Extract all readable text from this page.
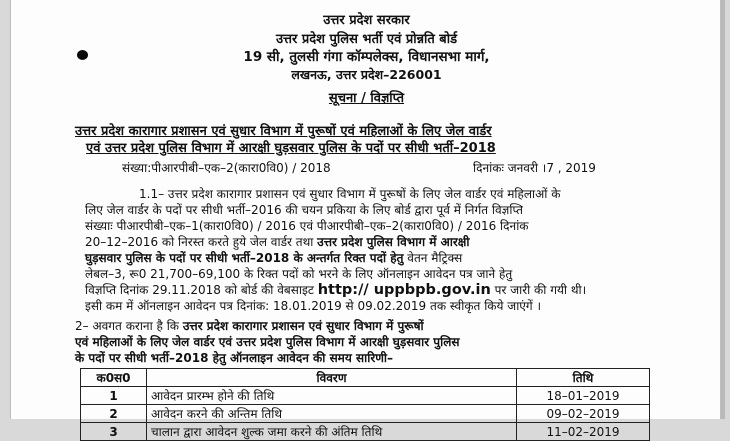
उत्तर प्रदेश सरकार
उत्तर प्रदेश पुलिस भर्ती एवं प्रोन्नति बोर्ड
19 सी, तुलसी गंगा कॉम्पलेक्स, विधानसभा मार्ग,
लखनऊ, उत्तर प्रदेश–226001
सूचना / विज्ञप्ति
उत्तर प्रदेश कारागार प्रशासन एवं सुधार विभाग में पुरूषों एवं महिलाओं के लिए जेल वार्डर
एवं उत्तर प्रदेश पुलिस विभाग में आरक्षी घुड़सवार पुलिस के पदों पर सीधी भर्ती–2018
संख्या:पीआरपीबी–एक–2(कारा0वि0) / 2018	दिनांकः जनवरी ।7 , 2019
1.1– उत्तर प्रदेश कारागार प्रशासन एवं सुधार विभाग में पुरूषों के लिए जेल वार्डर एवं महिलाओं के
लिए जेल वार्डर के पदों पर सीधी भर्ती–2016 की चयन प्रकिया के लिए बोर्ड द्वारा पूर्व में निर्गत विज्ञप्ति
संख्याः पीआरपीबी–एक–1(कारा0वि0) / 2016 एवं पीआरपीबी–एक–2(कारा0वि0) / 2016 दिनांक
20–12–2016 को निरस्त करते हुये जेल वार्डर तथा उत्तर प्रदेश पुलिस विभाग में आरक्षी
घुड़सवार पुलिस के पदों पर सीधी भर्ती–2018 के अन्तर्गत रिक्त पदों हेतु वेतन मैट्रिक्स
लेबल–3, रू0 21,700–69,100 के रिक्त पदों को भरने के लिए ऑनलाइन आवेदन पत्र जाने हेतु
विज्ञप्ति दिनांक 29.11.2018 को बोर्ड की वेबसाइट http:// uppbpb.gov.in पर जारी की गयी थी।
इसी कम में ऑनलाइन आवेदन पत्र दिनांक: 18.01.2019 से 09.02.2019 तक स्वीकृत किये जाएंगें ।
2– अवगत कराना है कि उत्तर प्रदेश कारागार प्रशासन एवं सुधार विभाग में पुरूषों
एवं महिलाओं के लिए जेल वार्डर एवं उत्तर प्रदेश पुलिस विभाग में आरक्षी घुड़सवार पुलिस
के पदों पर सीधी भर्ती–2018 हेतु ऑनलाइन आवेदन की समय सारिणी–
क0स0	विवरण	तिथि
1	आवेदन प्रारम्भ होने की तिथि	18–01–2019
2	आवेदन करने की अन्तिम तिथि	09–02–2019
3	चालान द्वारा आवेदन शुल्क जमा करने की अंतिम तिथि	11–02–2019
